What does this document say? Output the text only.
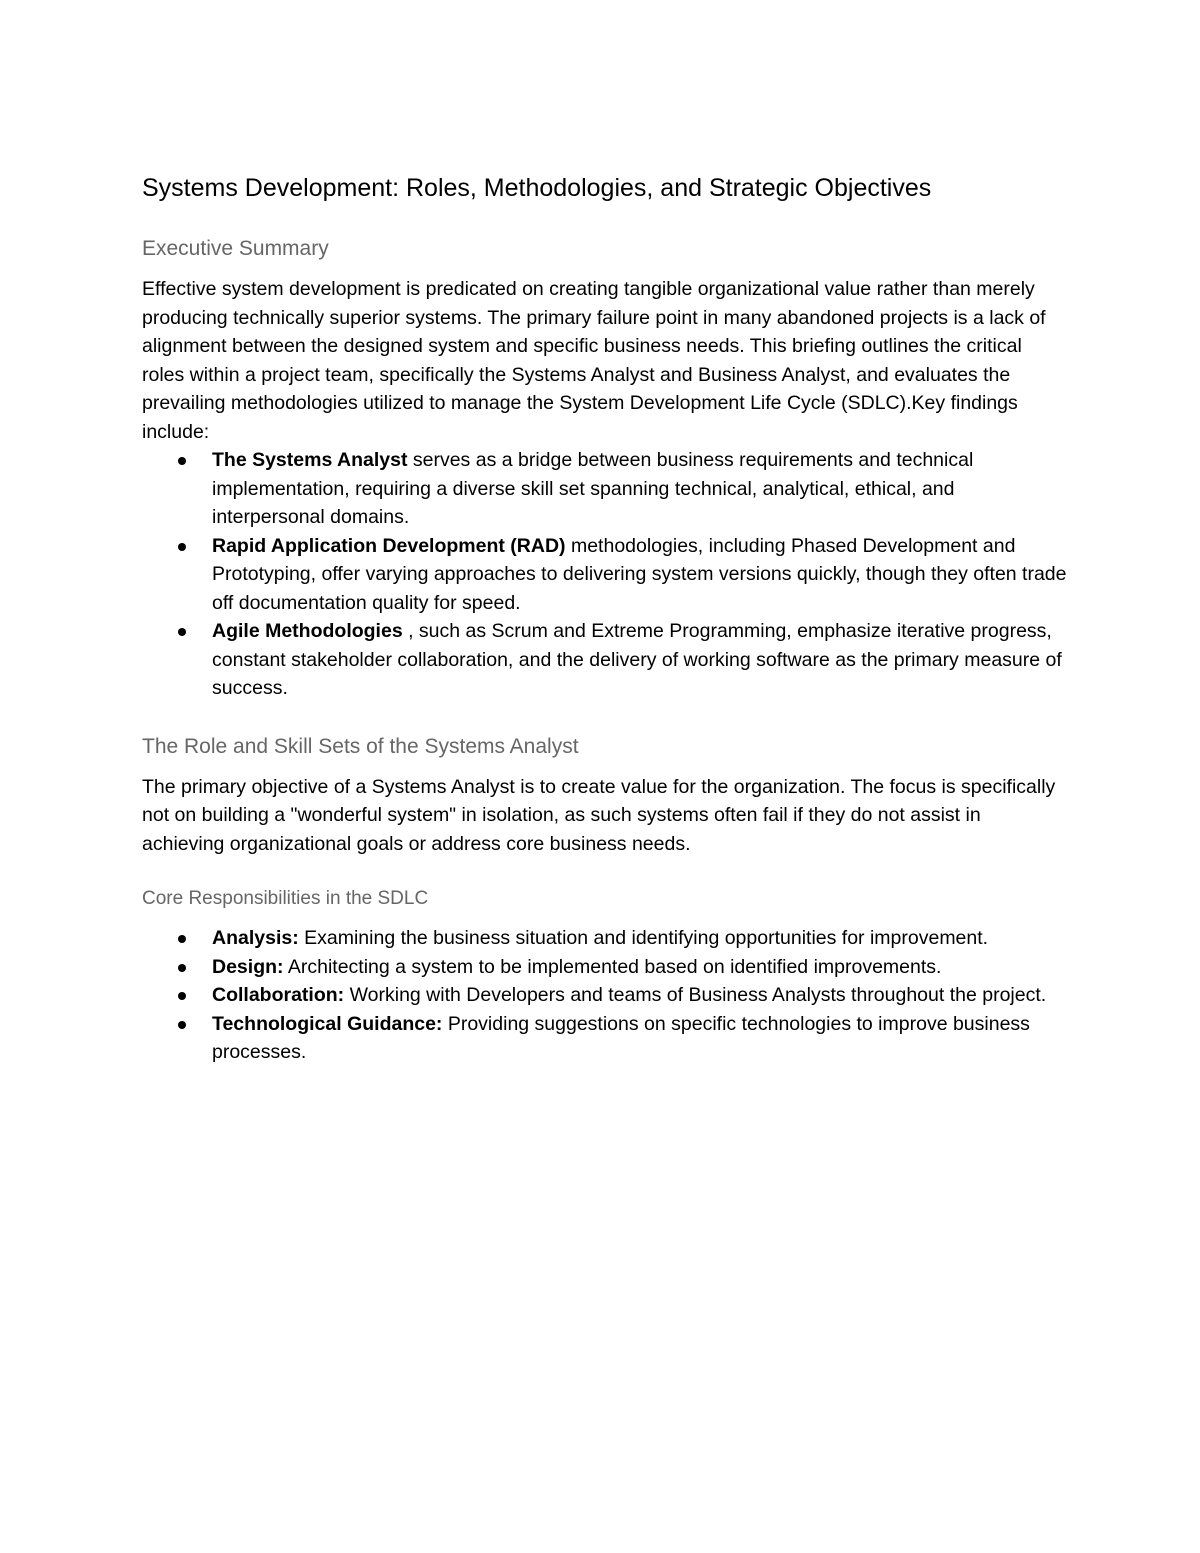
Systems Development: Roles, Methodologies, and Strategic Objectives
Executive Summary

Effective system development is predicated on creating tangible organizational value rather than merely producing technically superior systems. The primary failure point in many abandoned projects is a lack of alignment between the designed system and specific business needs. This briefing outlines the critical roles within a project team, specifically the Systems Analyst and Business Analyst, and evaluates the prevailing methodologies utilized to manage the System Development Life Cycle (SDLC).Key findings include:

The Systems Analyst serves as a bridge between business requirements and technical implementation, requiring a diverse skill set spanning technical, analytical, ethical, and interpersonal domains.
Rapid Application Development (RAD) methodologies, including Phased Development and Prototyping, offer varying approaches to delivering system versions quickly, though they often trade off documentation quality for speed.
Agile Methodologies , such as Scrum and Extreme Programming, emphasize iterative progress, constant stakeholder collaboration, and the delivery of working software as the primary measure of success.
The Role and Skill Sets of the Systems Analyst

The primary objective of a Systems Analyst is to create value for the organization. The focus is specifically not on building a "wonderful system" in isolation, as such systems often fail if they do not assist in achieving organizational goals or address core business needs.

Core Responsibilities in the SDLC
Analysis: Examining the business situation and identifying opportunities for improvement.
Design: Architecting a system to be implemented based on identified improvements.
Collaboration: Working with Developers and teams of Business Analysts throughout the project.
Technological Guidance: Providing suggestions on specific technologies to improve business processes.
